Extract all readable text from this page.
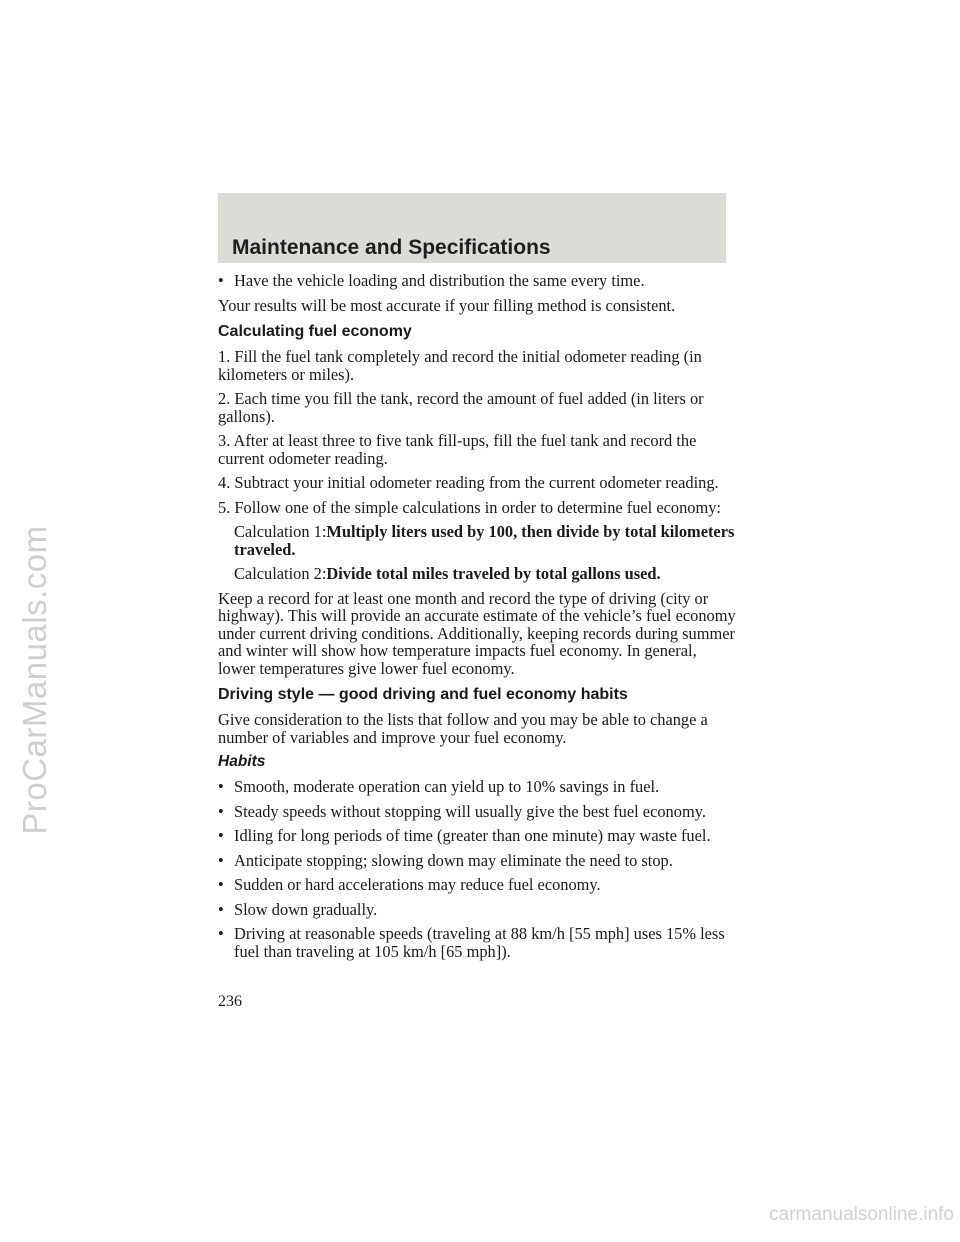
ProCarManuals.com
Maintenance and Specifications
• Have the vehicle loading and distribution the same every time.

Your results will be most accurate if your filling method is consistent.

Calculating fuel economy

1. Fill the fuel tank completely and record the initial odometer reading (in kilometers or miles).

2. Each time you fill the tank, record the amount of fuel added (in liters or gallons).

3. After at least three to five tank fill-ups, fill the fuel tank and record the current odometer reading.

4. Subtract your initial odometer reading from the current odometer reading.

5. Follow one of the simple calculations in order to determine fuel economy:

Calculation 1:Multiply liters used by 100, then divide by total kilometers traveled.

Calculation 2:Divide total miles traveled by total gallons used.

Keep a record for at least one month and record the type of driving (city or highway). This will provide an accurate estimate of the vehicle’s fuel economy under current driving conditions. Additionally, keeping records during summer and winter will show how temperature impacts fuel economy. In general, lower temperatures give lower fuel economy.

Driving style — good driving and fuel economy habits

Give consideration to the lists that follow and you may be able to change a number of variables and improve your fuel economy.

Habits
• Smooth, moderate operation can yield up to 10% savings in fuel.
• Steady speeds without stopping will usually give the best fuel economy.
• Idling for long periods of time (greater than one minute) may waste fuel.
• Anticipate stopping; slowing down may eliminate the need to stop.
• Sudden or hard accelerations may reduce fuel economy.
• Slow down gradually.
• Driving at reasonable speeds (traveling at 88 km/h [55 mph] uses 15% less fuel than traveling at 105 km/h [65 mph]).
236
carmanualsonline.info
